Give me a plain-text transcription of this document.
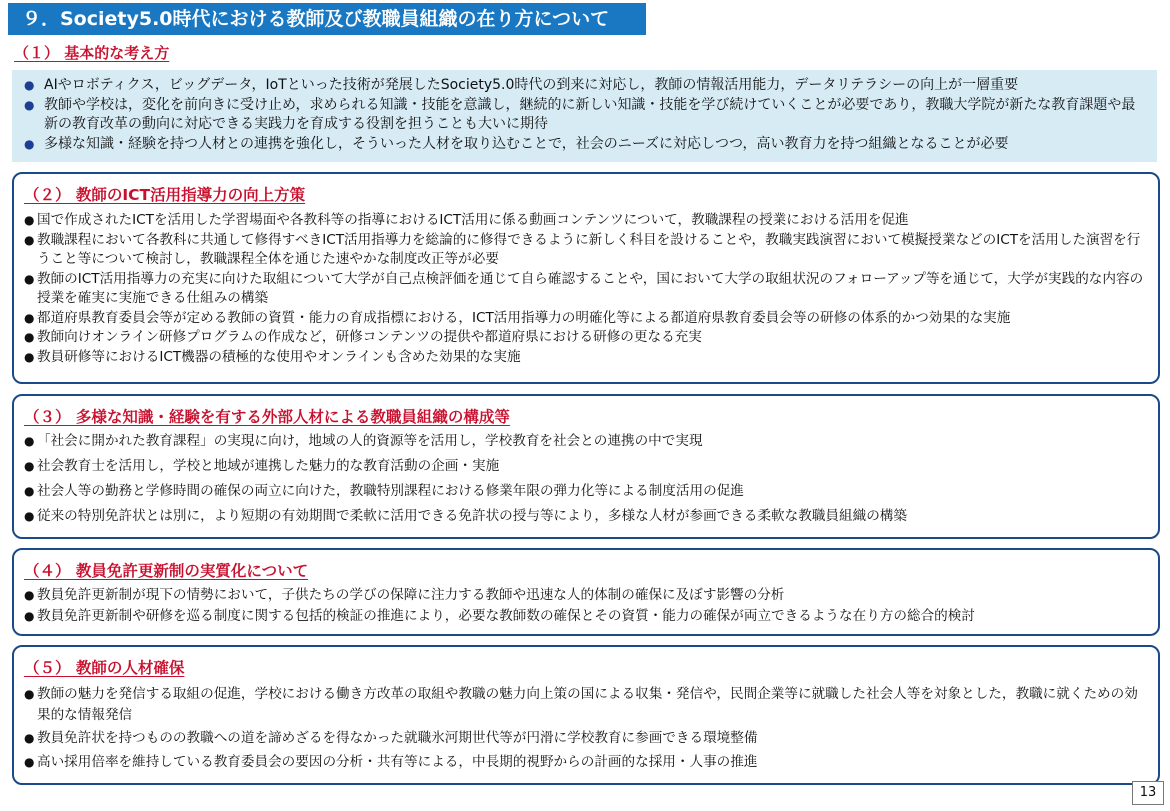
９．Society5.0時代における教師及び教職員組織の在り方について
（１） 基本的な考え方
● AIやロボティクス，ビッグデータ，IoTといった技術が発展したSociety5.0時代の到来に対応し，教師の情報活用能力，データリテラシーの向上が一層重要
● 教師や学校は，変化を前向きに受け止め，求められる知識・技能を意識し，継続的に新しい知識・技能を学び続けていくことが必要であり，教職大学院が新たな教育課題や最新の教育改革の動向に対応できる実践力を育成する役割を担うことも大いに期待
● 多様な知識・経験を持つ人材との連携を強化し，そういった人材を取り込むことで，社会のニーズに対応しつつ，高い教育力を持つ組織となることが必要
（２） 教師のICT活用指導力の向上方策
● 国で作成されたICTを活用した学習場面や各教科等の指導におけるICT活用に係る動画コンテンツについて，教職課程の授業における活用を促進
● 教職課程において各教科に共通して修得すべきICT活用指導力を総論的に修得できるように新しく科目を設けることや，教職実践演習において模擬授業などのICTを活用した演習を行うこと等について検討し，教職課程全体を通じた速やかな制度改正等が必要
● 教師のICT活用指導力の充実に向けた取組について大学が自己点検評価を通じて自ら確認することや，国において大学の取組状況のフォローアップ等を通じて，大学が実践的な内容の授業を確実に実施できる仕組みの構築
● 都道府県教育委員会等が定める教師の資質・能力の育成指標における，ICT活用指導力の明確化等による都道府県教育委員会等の研修の体系的かつ効果的な実施
● 教師向けオンライン研修プログラムの作成など，研修コンテンツの提供や都道府県における研修の更なる充実
● 教員研修等におけるICT機器の積極的な使用やオンラインも含めた効果的な実施
（３） 多様な知識・経験を有する外部人材による教職員組織の構成等
● 「社会に開かれた教育課程」の実現に向け，地域の人的資源等を活用し，学校教育を社会との連携の中で実現
● 社会教育士を活用し，学校と地域が連携した魅力的な教育活動の企画・実施
● 社会人等の勤務と学修時間の確保の両立に向けた，教職特別課程における修業年限の弾力化等による制度活用の促進
● 従来の特別免許状とは別に，より短期の有効期間で柔軟に活用できる免許状の授与等により，多様な人材が参画できる柔軟な教職員組織の構築
（４） 教員免許更新制の実質化について
● 教員免許更新制が現下の情勢において，子供たちの学びの保障に注力する教師や迅速な人的体制の確保に及ぼす影響の分析
● 教員免許更新制や研修を巡る制度に関する包括的検証の推進により，必要な教師数の確保とその資質・能力の確保が両立できるような在り方の総合的検討
（５） 教師の人材確保
● 教師の魅力を発信する取組の促進，学校における働き方改革の取組や教職の魅力向上策の国による収集・発信や，民間企業等に就職した社会人等を対象とした，教職に就くための効果的な情報発信
● 教員免許状を持つものの教職への道を諦めざるを得なかった就職氷河期世代等が円滑に学校教育に参画できる環境整備
● 高い採用倍率を維持している教育委員会の要因の分析・共有等による，中長期的視野からの計画的な採用・人事の推進
13
